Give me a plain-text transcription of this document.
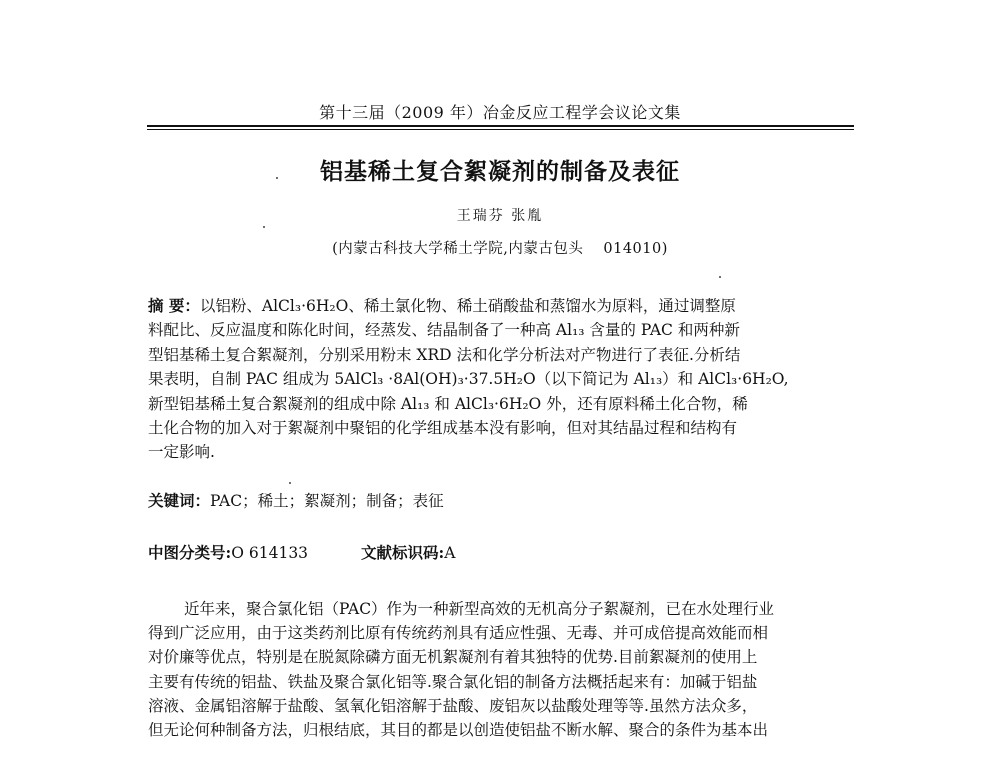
第十三届（2009 年）冶金反应工程学会议论文集
铝基稀土复合絮凝剂的制备及表征
王瑞芬 张胤
(内蒙古科技大学稀土学院,内蒙古包头 014010)

摘 要：以铝粉、AlCl₃·6H₂O、稀土氯化物、稀土硝酸盐和蒸馏水为原料，通过调整原

料配比、反应温度和陈化时间，经蒸发、结晶制备了一种高 Al₁₃ 含量的 PAC 和两种新

型铝基稀土复合絮凝剂，分别采用粉末 XRD 法和化学分析法对产物进行了表征.分析结

果表明，自制 PAC 组成为 5AlCl₃ ·8Al(OH)₃·37.5H₂O（以下简记为 Al₁₃）和 AlCl₃·6H₂O,

新型铝基稀土复合絮凝剂的组成中除 Al₁₃ 和 AlCl₃·6H₂O 外，还有原料稀土化合物，稀

土化合物的加入对于絮凝剂中聚铝的化学组成基本没有影响，但对其结晶过程和结构有

一定影响.

关键词：PAC；稀土；絮凝剂；制备；表征
中图分类号:O 614133	文献标识码:A

近年来，聚合氯化铝（PAC）作为一种新型高效的无机高分子絮凝剂，已在水处理行业

得到广泛应用，由于这类药剂比原有传统药剂具有适应性强、无毒、并可成倍提高效能而相

对价廉等优点，特别是在脱氮除磷方面无机絮凝剂有着其独特的优势.目前絮凝剂的使用上

主要有传统的铝盐、铁盐及聚合氯化铝等.聚合氯化铝的制备方法概括起来有：加碱于铝盐

溶液、金属铝溶解于盐酸、氢氧化铝溶解于盐酸、废铝灰以盐酸处理等等.虽然方法众多，

但无论何种制备方法，归根结底，其目的都是以创造使铝盐不断水解、聚合的条件为基本出
